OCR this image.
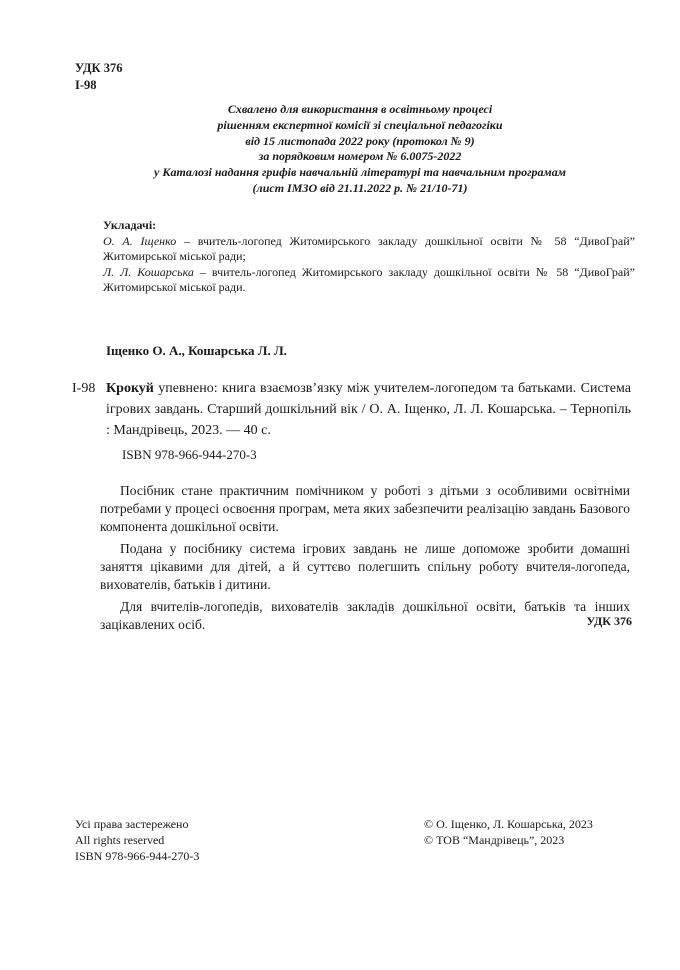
УДК 376
І-98
Схвалено для використання в освітньому процесі
рішенням експертної комісії зі спеціальної педагогіки
від 15 листопада 2022 року (протокол № 9)
за порядковим номером № 6.0075-2022
у Каталозі надання грифів навчальній літературі та навчальним програмам
(лист ІМЗО від 21.11.2022 р. № 21/10-71)
Укладачі:
О. А. Іщенко – вчитель-логопед Житомирського закладу дошкільної освіти № 58 “ДивоГрай” Житомирської міської ради;
Л. Л. Кошарська – вчитель-логопед Житомирського закладу дошкільної освіти № 58 “ДивоГрай” Житомирської міської ради.
Іщенко О. А., Кошарська Л. Л.
І-98 Крокуй упевнено: книга взаємозв’язку між учителем-логопедом та батьками. Система ігрових завдань. Старший дошкільний вік / О. А. Іщенко, Л. Л. Кошарська. – Тернопіль : Мандрівець, 2023. — 40 с.
ISBN 978-966-944-270-3

Посібник стане практичним помічником у роботі з дітьми з особливими освітніми потребами у процесі освоєння програм, мета яких забезпечити реалізацію завдань Базового компонента дошкільної освіти.

Подана у посібнику система ігрових завдань не лише допоможе зробити домашні заняття цікавими для дітей, а й суттєво полегшить спільну роботу вчителя-логопеда, вихователів, батьків і дитини.

Для вчителів-логопедів, вихователів закладів дошкільної освіти, батьків та інших зацікавлених осіб.	УДК 376
Усі права застережено
All rights reserved
ISBN 978-966-944-270-3
© О. Іщенко, Л. Кошарська, 2023
© ТОВ “Мандрівець”, 2023
